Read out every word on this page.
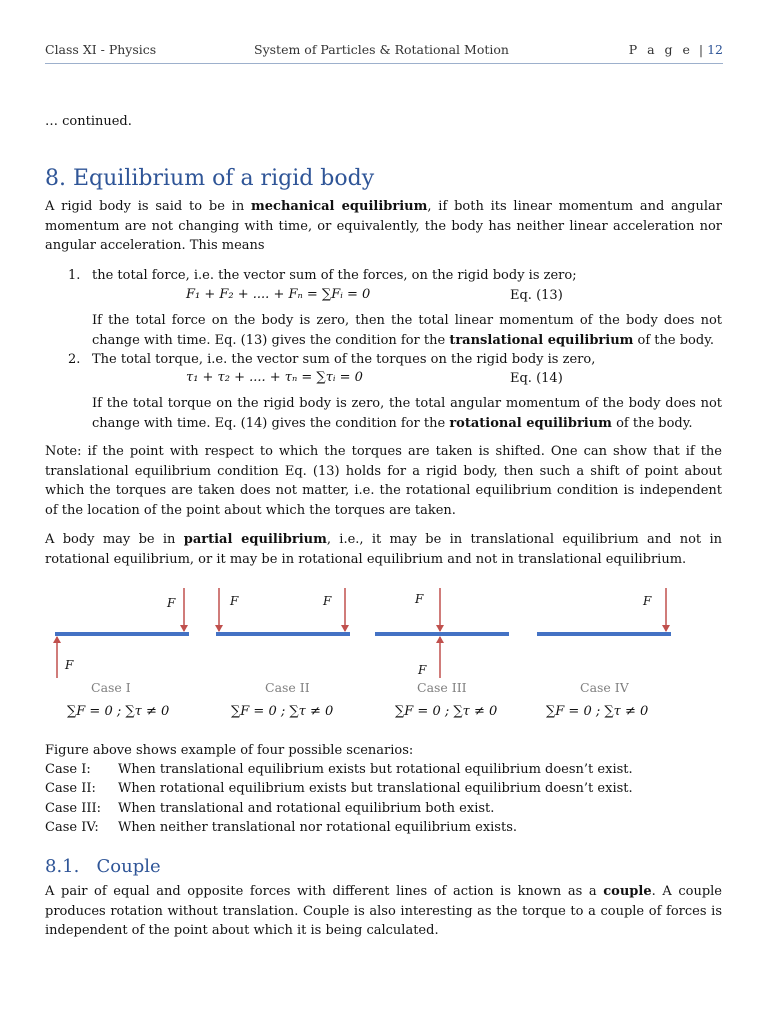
Class XI - Physics	System of Particles & Rotational Motion	P a g e | 12
… continued.
8. Equilibrium of a rigid body
A rigid body is said to be in mechanical equilibrium, if both its linear momentum and angular momentum are not changing with time, or equivalently, the body has neither linear acceleration nor angular acceleration. This means
1. the total force, i.e. the vector sum of the forces, on the rigid body is zero;
F₁ + F₂ + .... + Fₙ = ∑Fᵢ = 0	Eq. (13)
If the total force on the body is zero, then the total linear momentum of the body does not change with time. Eq. (13) gives the condition for the translational equilibrium of the body.
2. The total torque, i.e. the vector sum of the torques on the rigid body is zero,
τ₁ + τ₂ + .... + τₙ = ∑τᵢ = 0	Eq. (14)
If the total torque on the rigid body is zero, the total angular momentum of the body does not change with time. Eq. (14) gives the condition for the rotational equilibrium of the body.
Note: if the point with respect to which the torques are taken is shifted. One can show that if the translational equilibrium condition Eq. (13) holds for a rigid body, then such a shift of point about which the torques are taken does not matter, i.e. the rotational equilibrium condition is independent of the location of the point about which the torques are taken.
A body may be in partial equilibrium, i.e., it may be in translational equilibrium and not in rotational equilibrium, or it may be in rotational equilibrium and not in translational equilibrium.
F
F
F	F	F
F
F
Case I	Case II	Case III	Case IV
∑F = 0 ; ∑τ ≠ 0	∑F = 0 ; ∑τ ≠ 0	∑F = 0 ; ∑τ ≠ 0	∑F = 0 ; ∑τ ≠ 0
Figure above shows example of four possible scenarios:
Case I: When translational equilibrium exists but rotational equilibrium doesn’t exist.
Case II: When rotational equilibrium exists but translational equilibrium doesn’t exist.
Case III: When translational and rotational equilibrium both exist.
Case IV: When neither translational nor rotational equilibrium exists.
8.1.   Couple
A pair of equal and opposite forces with different lines of action is known as a couple. A couple produces rotation without translation. Couple is also interesting as the torque to a couple of forces is independent of the point about which it is being calculated.
